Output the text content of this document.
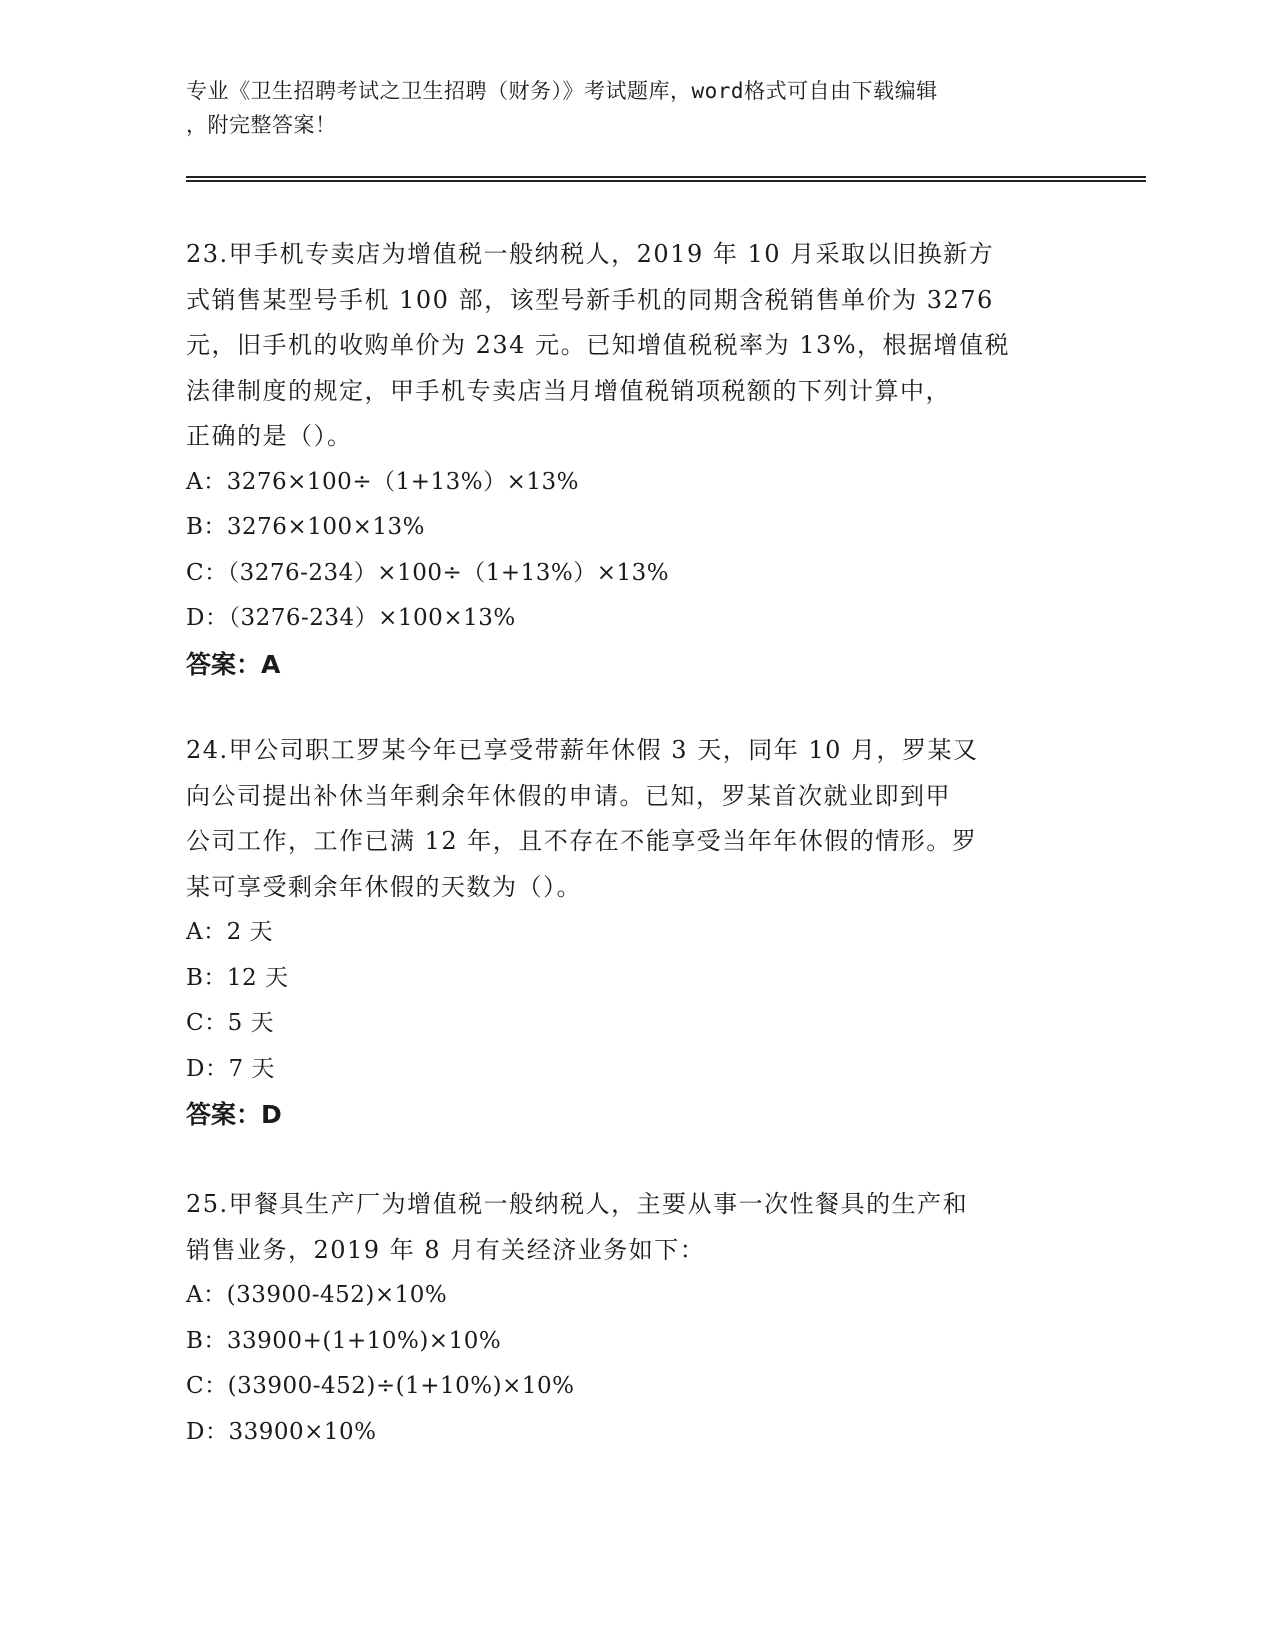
专业《卫生招聘考试之卫生招聘（财务）》考试题库，word格式可自由下载编辑
，附完整答案！

23.甲手机专卖店为增值税一般纳税人，2019 年 10 月采取以旧换新方

式销售某型号手机 100 部，该型号新手机的同期含税销售单价为 3276

元，旧手机的收购单价为 234 元。已知增值税税率为 13%，根据增值税

法律制度的规定，甲手机专卖店当月增值税销项税额的下列计算中，

正确的是（）。

A：3276×100÷（1+13%）×13%

B：3276×100×13%

C：（3276-234）×100÷（1+13%）×13%

D：（3276-234）×100×13%

答案：A

24.甲公司职工罗某今年已享受带薪年休假 3 天，同年 10 月，罗某又

向公司提出补休当年剩余年休假的申请。已知，罗某首次就业即到甲

公司工作，工作已满 12 年，且不存在不能享受当年年休假的情形。罗

某可享受剩余年休假的天数为（）。

A：2 天

B：12 天

C：5 天

D：7 天

答案：D

25.甲餐具生产厂为增值税一般纳税人，主要从事一次性餐具的生产和

销售业务，2019 年 8 月有关经济业务如下：

A：(33900-452)×10%

B：33900+(1+10%)×10%

C：(33900-452)÷(1+10%)×10%

D：33900×10%
